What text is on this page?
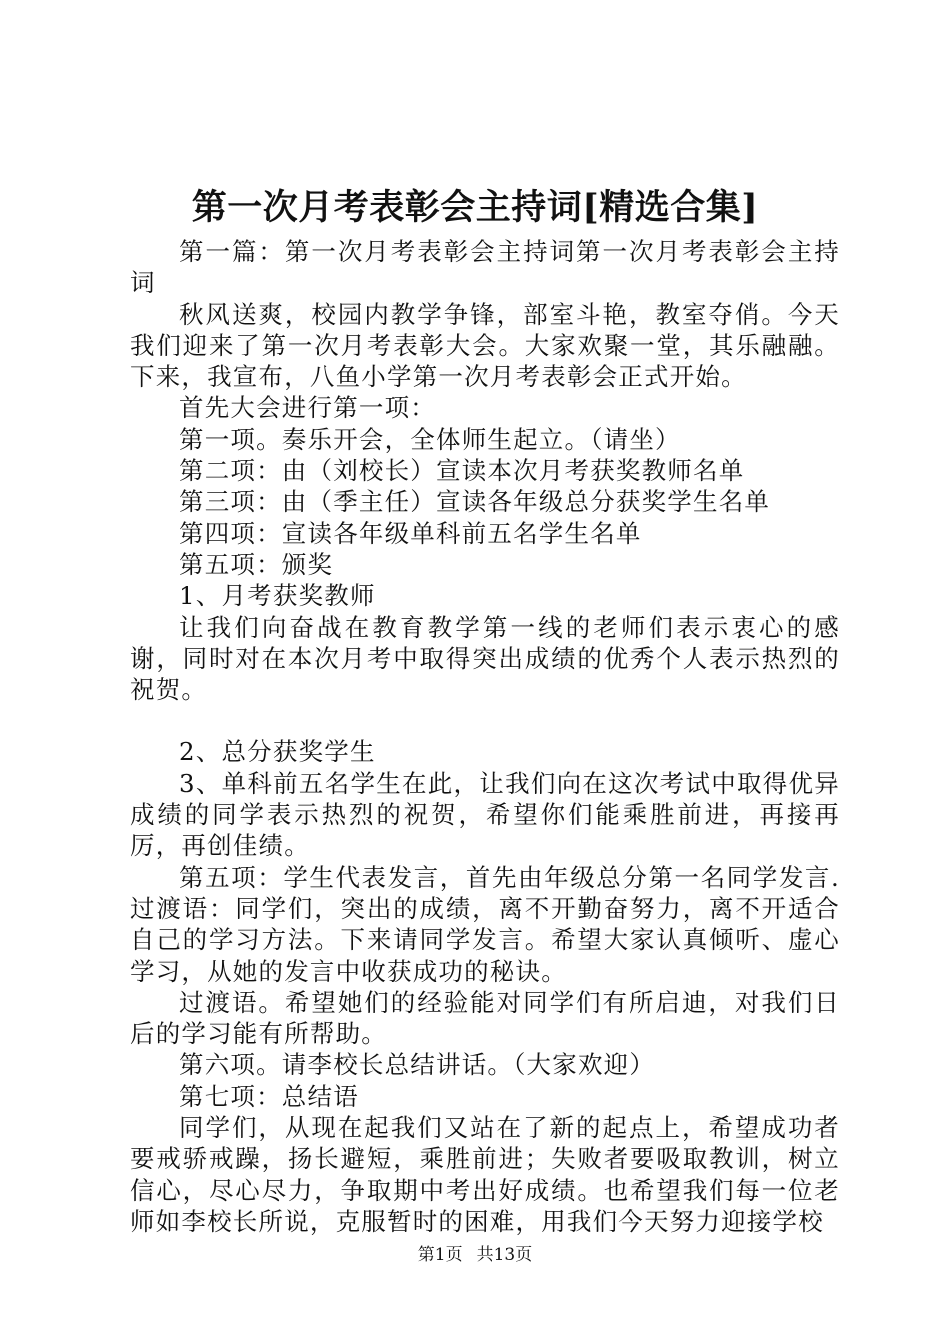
第一次月考表彰会主持词[精选合集]

第一篇：第一次月考表彰会主持词第一次月考表彰会主持词

秋风送爽，校园内教学争锋，部室斗艳，教室夺俏。今天我们迎来了第一次月考表彰大会。大家欢聚一堂，其乐融融。下来，我宣布，八鱼小学第一次月考表彰会正式开始。

首先大会进行第一项：

第一项。奏乐开会，全体师生起立。（请坐）

第二项：由（刘校长）宣读本次月考获奖教师名单

第三项：由（季主任）宣读各年级总分获奖学生名单

第四项：宣读各年级单科前五名学生名单

第五项：颁奖

1、月考获奖教师

让我们向奋战在教育教学第一线的老师们表示衷心的感谢，同时对在本次月考中取得突出成绩的优秀个人表示热烈的祝贺。

2、总分获奖学生

3、单科前五名学生在此，让我们向在这次考试中取得优异成绩的同学表示热烈的祝贺，希望你们能乘胜前进，再接再厉，再创佳绩。

第五项：学生代表发言，首先由年级总分第一名同学发言.过渡语：同学们，突出的成绩，离不开勤奋努力，离不开适合自己的学习方法。下来请同学发言。希望大家认真倾听、虚心学习，从她的发言中收获成功的秘诀。

过渡语。希望她们的经验能对同学们有所启迪，对我们日后的学习能有所帮助。

第六项。请李校长总结讲话。（大家欢迎）

第七项：总结语

同学们，从现在起我们又站在了新的起点上，希望成功者要戒骄戒躁，扬长避短，乘胜前进；失败者要吸取教训，树立信心，尽心尽力，争取期中考出好成绩。也希望我们每一位老师如李校长所说，克服暂时的困难，用我们今天努力迎接学校

第1页 共13页
